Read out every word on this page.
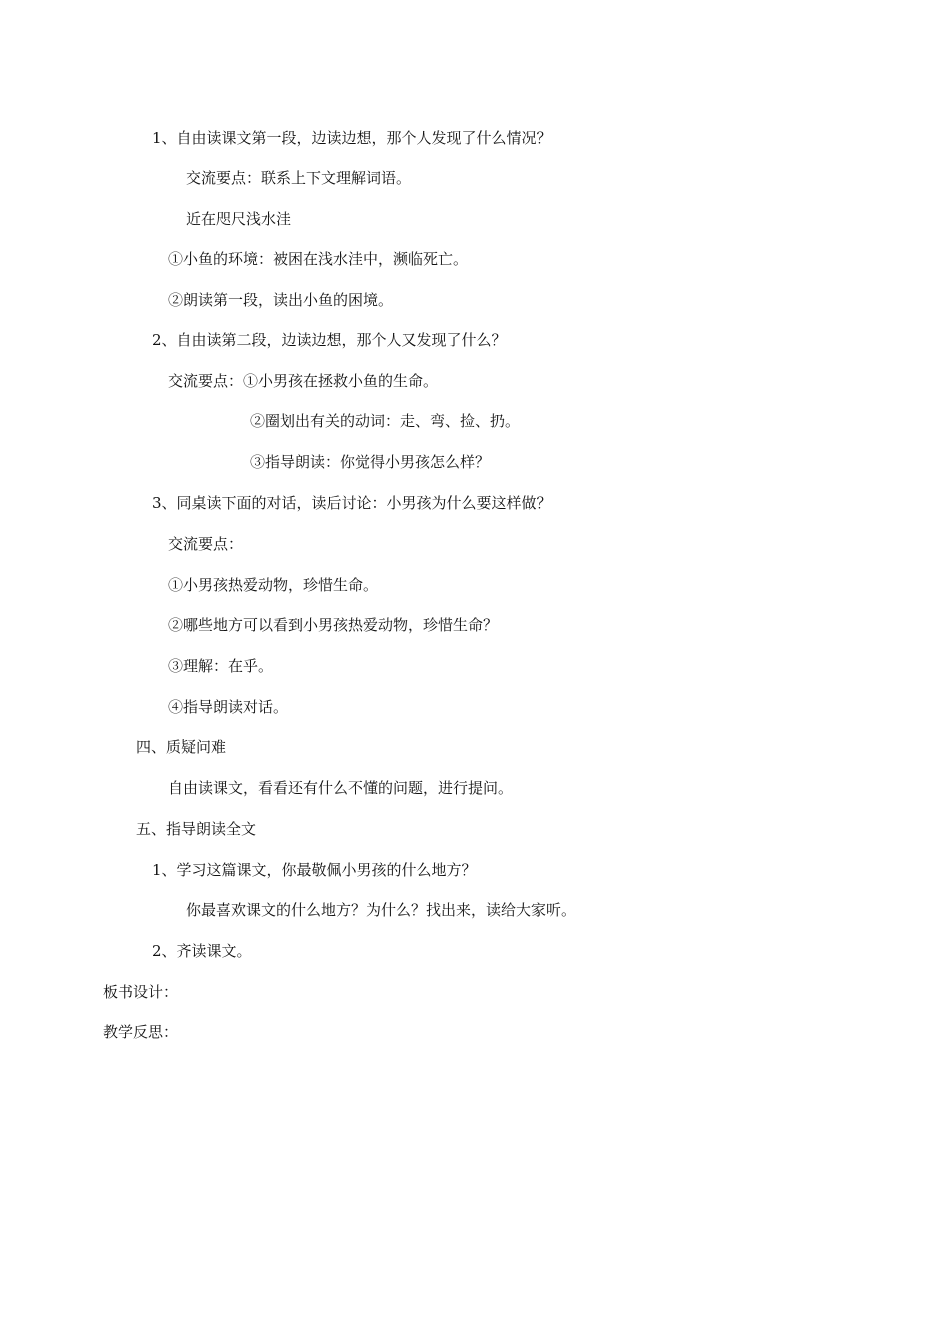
1、自由读课文第一段，边读边想，那个人发现了什么情况？
交流要点：联系上下文理解词语。
近在咫尺浅水洼
①小鱼的环境：被困在浅水洼中，濒临死亡。
②朗读第一段，读出小鱼的困境。
2、自由读第二段，边读边想，那个人又发现了什么？
交流要点：①小男孩在拯救小鱼的生命。
②圈划出有关的动词：走、弯、捡、扔。
③指导朗读：你觉得小男孩怎么样？
3、同桌读下面的对话，读后讨论：小男孩为什么要这样做？
交流要点：
①小男孩热爱动物，珍惜生命。
②哪些地方可以看到小男孩热爱动物，珍惜生命？
③理解：在乎。
④指导朗读对话。
四、质疑问难
自由读课文，看看还有什么不懂的问题，进行提问。
五、指导朗读全文
1、学习这篇课文，你最敬佩小男孩的什么地方？
你最喜欢课文的什么地方？为什么？找出来，读给大家听。
2、齐读课文。
板书设计：
教学反思：
